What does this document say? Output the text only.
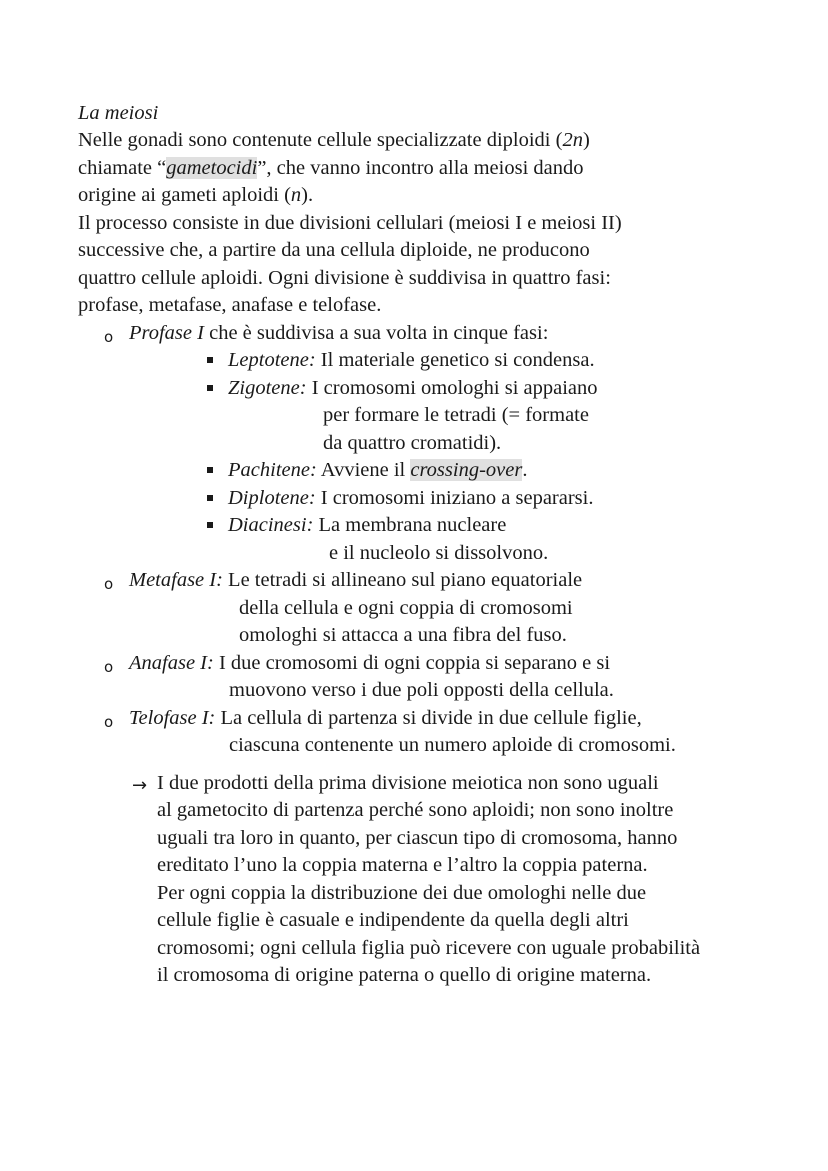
La meiosi
Nelle gonadi sono contenute cellule specializzate diploidi (2n)
chiamate “gametocidi”, che vanno incontro alla meiosi dando
origine ai gameti aploidi (n).
Il processo consiste in due divisioni cellulari (meiosi I e meiosi II)
successive che, a partire da una cellula diploide, ne producono
quattro cellule aploidi. Ogni divisione è suddivisa in quattro fasi:
profase, metafase, anafase e telofase.
o Profase I che è suddivisa a sua volta in cinque fasi:
Leptotene: Il materiale genetico si condensa.
Zigotene: I cromosomi omologhi si appaiano
per formare le tetradi (= formate
da quattro cromatidi).
Pachitene: Avviene il crossing-over.
Diplotene: I cromosomi iniziano a separarsi.
Diacinesi: La membrana nucleare
e il nucleolo si dissolvono.
o Metafase I: Le tetradi si allineano sul piano equatoriale
della cellula e ogni coppia di cromosomi
omologhi si attacca a una fibra del fuso.
o Anafase I: I due cromosomi di ogni coppia si separano e si
muovono verso i due poli opposti della cellula.
o Telofase I: La cellula di partenza si divide in due cellule figlie,
ciascuna contenente un numero aploide di cromosomi.
→ I due prodotti della prima divisione meiotica non sono uguali
al gametocito di partenza perché sono aploidi; non sono inoltre
uguali tra loro in quanto, per ciascun tipo di cromosoma, hanno
ereditato l’uno la coppia materna e l’altro la coppia paterna.
Per ogni coppia la distribuzione dei due omologhi nelle due
cellule figlie è casuale e indipendente da quella degli altri
cromosomi; ogni cellula figlia può ricevere con uguale probabilità
il cromosoma di origine paterna o quello di origine materna.
